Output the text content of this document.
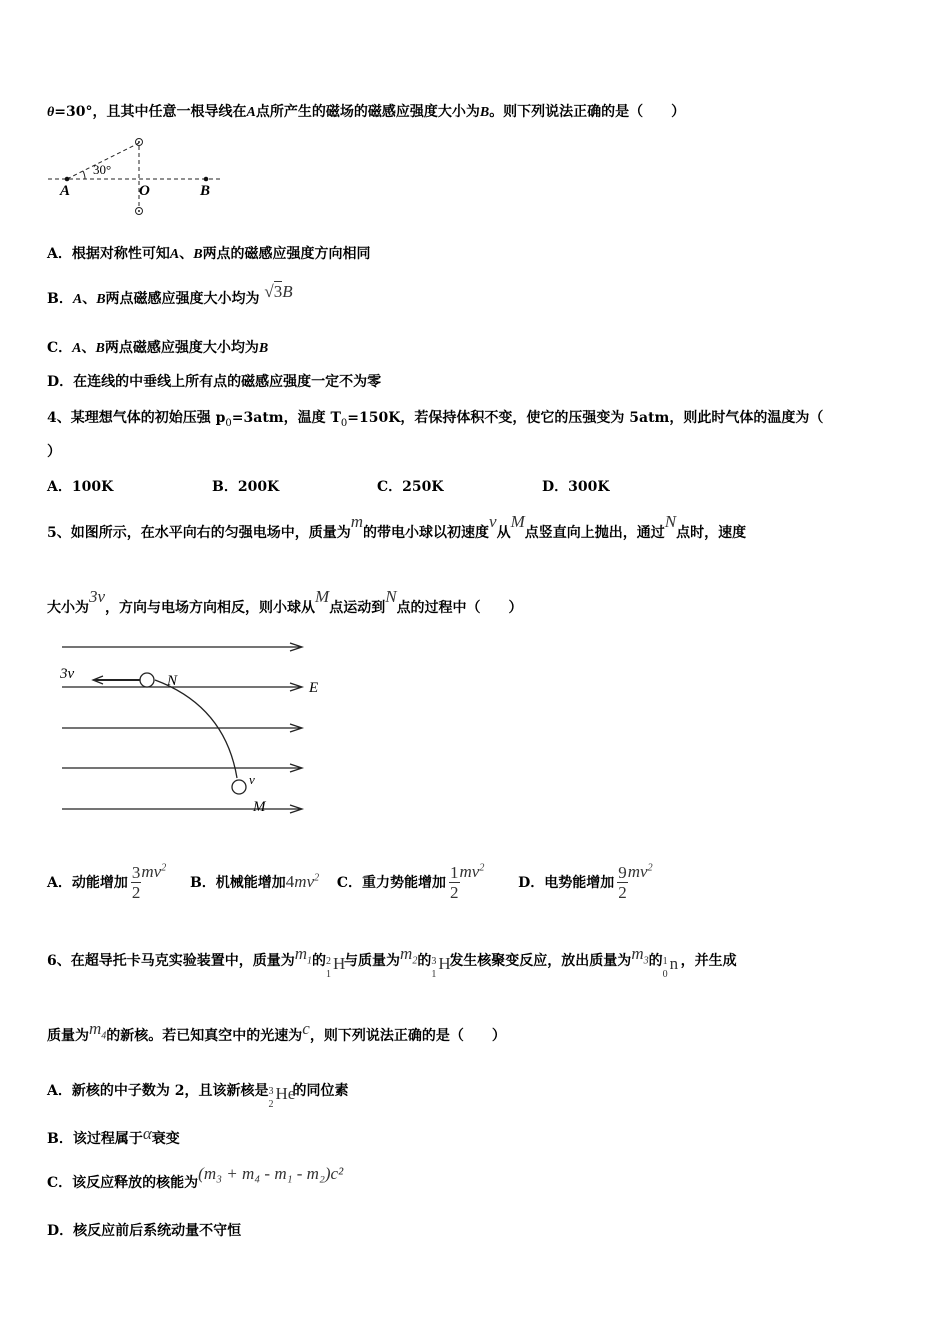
θ=30°，且其中任意一根导线在A点所产生的磁场的磁感应强度大小为B。则下列说法正确的是（　　）
30°
A	O	B
A．根据对称性可知A、B两点的磁感应强度方向相同
B．A、B两点磁感应强度大小均为 √3B
C．A、B两点磁感应强度大小均为B
D．在连线的中垂线上所有点的磁感应强度一定不为零
4、某理想气体的初始压强 $p_0=3atm$，温度 $T_0=150K$，若保持体积不变，使它的压强变为 5atm，则此时气体的温度为（
）
A．100K	B．200K	C．250K	D．300K
5、如图所示，在水平向右的匀强电场中，质量为m的带电小球以初速度v从M点竖直向上抛出，通过N点时，速度
大小为3v，方向与电场方向相反，则小球从M点运动到N点的过程中（　　）
3v	N	E
v
M
A．动能增加 $\frac{3}{2} mv^2$  B．机械能增加$4mv^2$ C．重力势能增加 $\frac{1}{2} mv^2$  D．电势能增加 $\frac{9}{2} mv^2$
6、在超导托卡马克实验装置中，质量为$m_1$的 2
1
H
与质量为$m_2$的 3
1
H
发生核聚变反应，放出质量为$m_3$的 1
0
n ，并生成
质量为$m_4$的新核。若已知真空中的光速为c，则下列说法正确的是（　　）
A．新核的中子数为 2，且该新核是 3
2
He
的同位素
B．该过程属于α衰变
C．该反应释放的核能为(m₃ + m₄ - m₁ - m₂)c²
D．核反应前后系统动量不守恒
